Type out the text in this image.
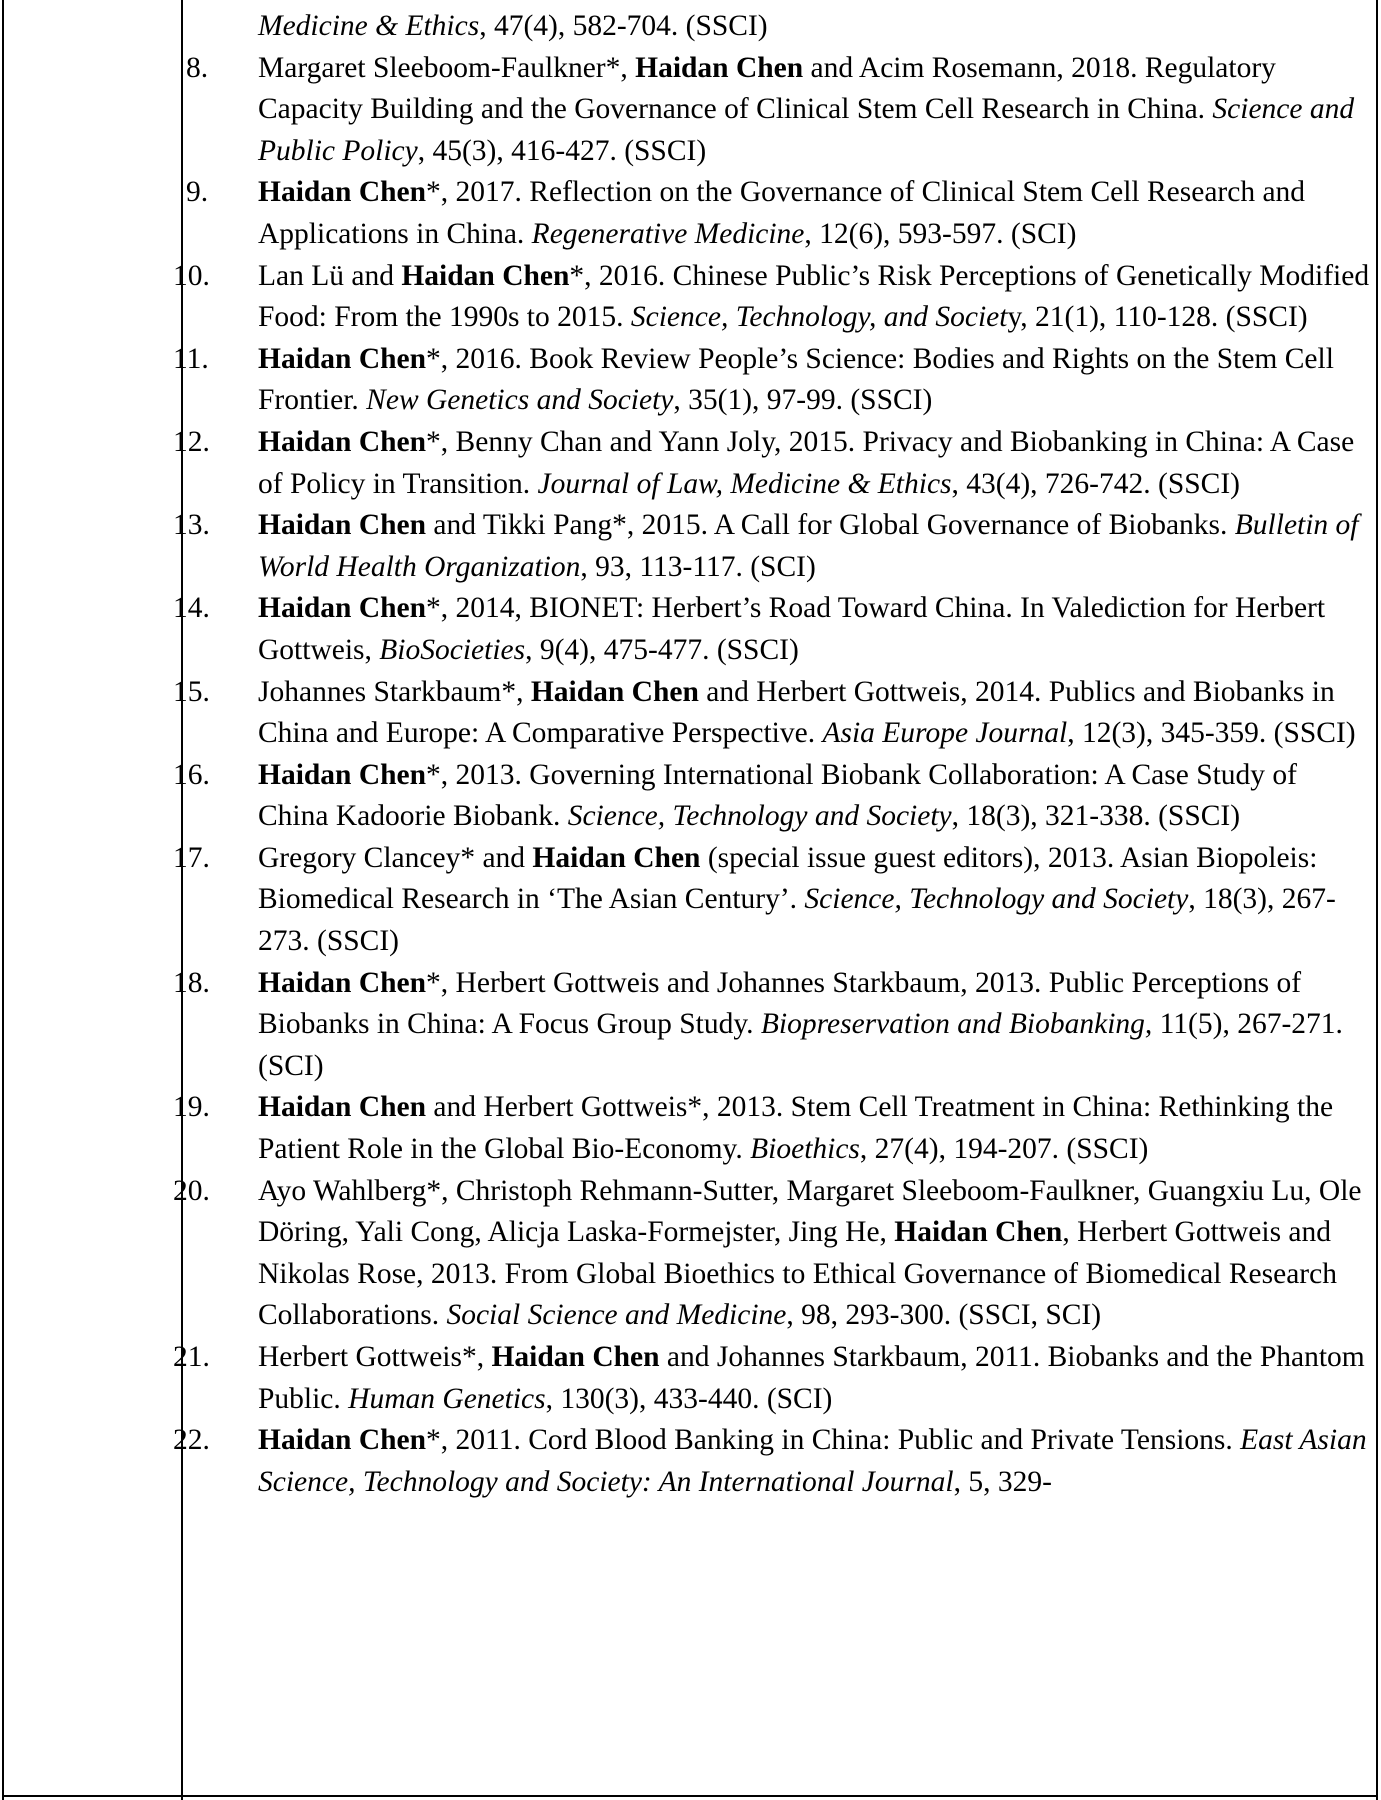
Medicine & Ethics, 47(4), 582-704. (SSCI)
8.	Margaret Sleeboom-Faulkner*, Haidan Chen and Acim Rosemann, 2018. Regulatory Capacity Building and the Governance of Clinical Stem Cell Research in China. Science and Public Policy, 45(3), 416-427. (SSCI)
9.	Haidan Chen*, 2017. Reflection on the Governance of Clinical Stem Cell Research and Applications in China. Regenerative Medicine, 12(6), 593-597. (SCI)
10.	Lan Lü and Haidan Chen*, 2016. Chinese Public’s Risk Perceptions of Genetically Modified Food: From the 1990s to 2015. Science, Technology, and Society, 21(1), 110-128. (SSCI)
11.	Haidan Chen*, 2016. Book Review People’s Science: Bodies and Rights on the Stem Cell Frontier. New Genetics and Society, 35(1), 97-99. (SSCI)
12.	Haidan Chen*, Benny Chan and Yann Joly, 2015. Privacy and Biobanking in China: A Case of Policy in Transition. Journal of Law, Medicine & Ethics, 43(4), 726-742. (SSCI)
13.	Haidan Chen and Tikki Pang*, 2015. A Call for Global Governance of Biobanks. Bulletin of World Health Organization, 93, 113-117. (SCI)
14.	Haidan Chen*, 2014, BIONET: Herbert’s Road Toward China. In Valediction for Herbert Gottweis, BioSocieties, 9(4), 475-477. (SSCI)
15.	Johannes Starkbaum*, Haidan Chen and Herbert Gottweis, 2014. Publics and Biobanks in China and Europe: A Comparative Perspective. Asia Europe Journal, 12(3), 345-359. (SSCI)
16.	Haidan Chen*, 2013. Governing International Biobank Collaboration: A Case Study of China Kadoorie Biobank. Science, Technology and Society, 18(3), 321-338. (SSCI)
17.	Gregory Clancey* and Haidan Chen (special issue guest editors), 2013. Asian Biopoleis: Biomedical Research in ‘The Asian Century’. Science, Technology and Society, 18(3), 267-273. (SSCI)
18.	Haidan Chen*, Herbert Gottweis and Johannes Starkbaum, 2013. Public Perceptions of Biobanks in China: A Focus Group Study. Biopreservation and Biobanking, 11(5), 267-271. (SCI)
19.	Haidan Chen and Herbert Gottweis*, 2013. Stem Cell Treatment in China: Rethinking the Patient Role in the Global Bio-Economy. Bioethics, 27(4), 194-207. (SSCI)
20.	Ayo Wahlberg*, Christoph Rehmann-Sutter, Margaret Sleeboom-Faulkner, Guangxiu Lu, Ole Döring, Yali Cong, Alicja Laska-Formejster, Jing He, Haidan Chen, Herbert Gottweis and Nikolas Rose, 2013. From Global Bioethics to Ethical Governance of Biomedical Research Collaborations. Social Science and Medicine, 98, 293-300. (SSCI, SCI)
21.	Herbert Gottweis*, Haidan Chen and Johannes Starkbaum, 2011. Biobanks and the Phantom Public. Human Genetics, 130(3), 433-440. (SCI)
22.	Haidan Chen*, 2011. Cord Blood Banking in China: Public and Private Tensions. East Asian Science, Technology and Society: An International Journal, 5, 329-
